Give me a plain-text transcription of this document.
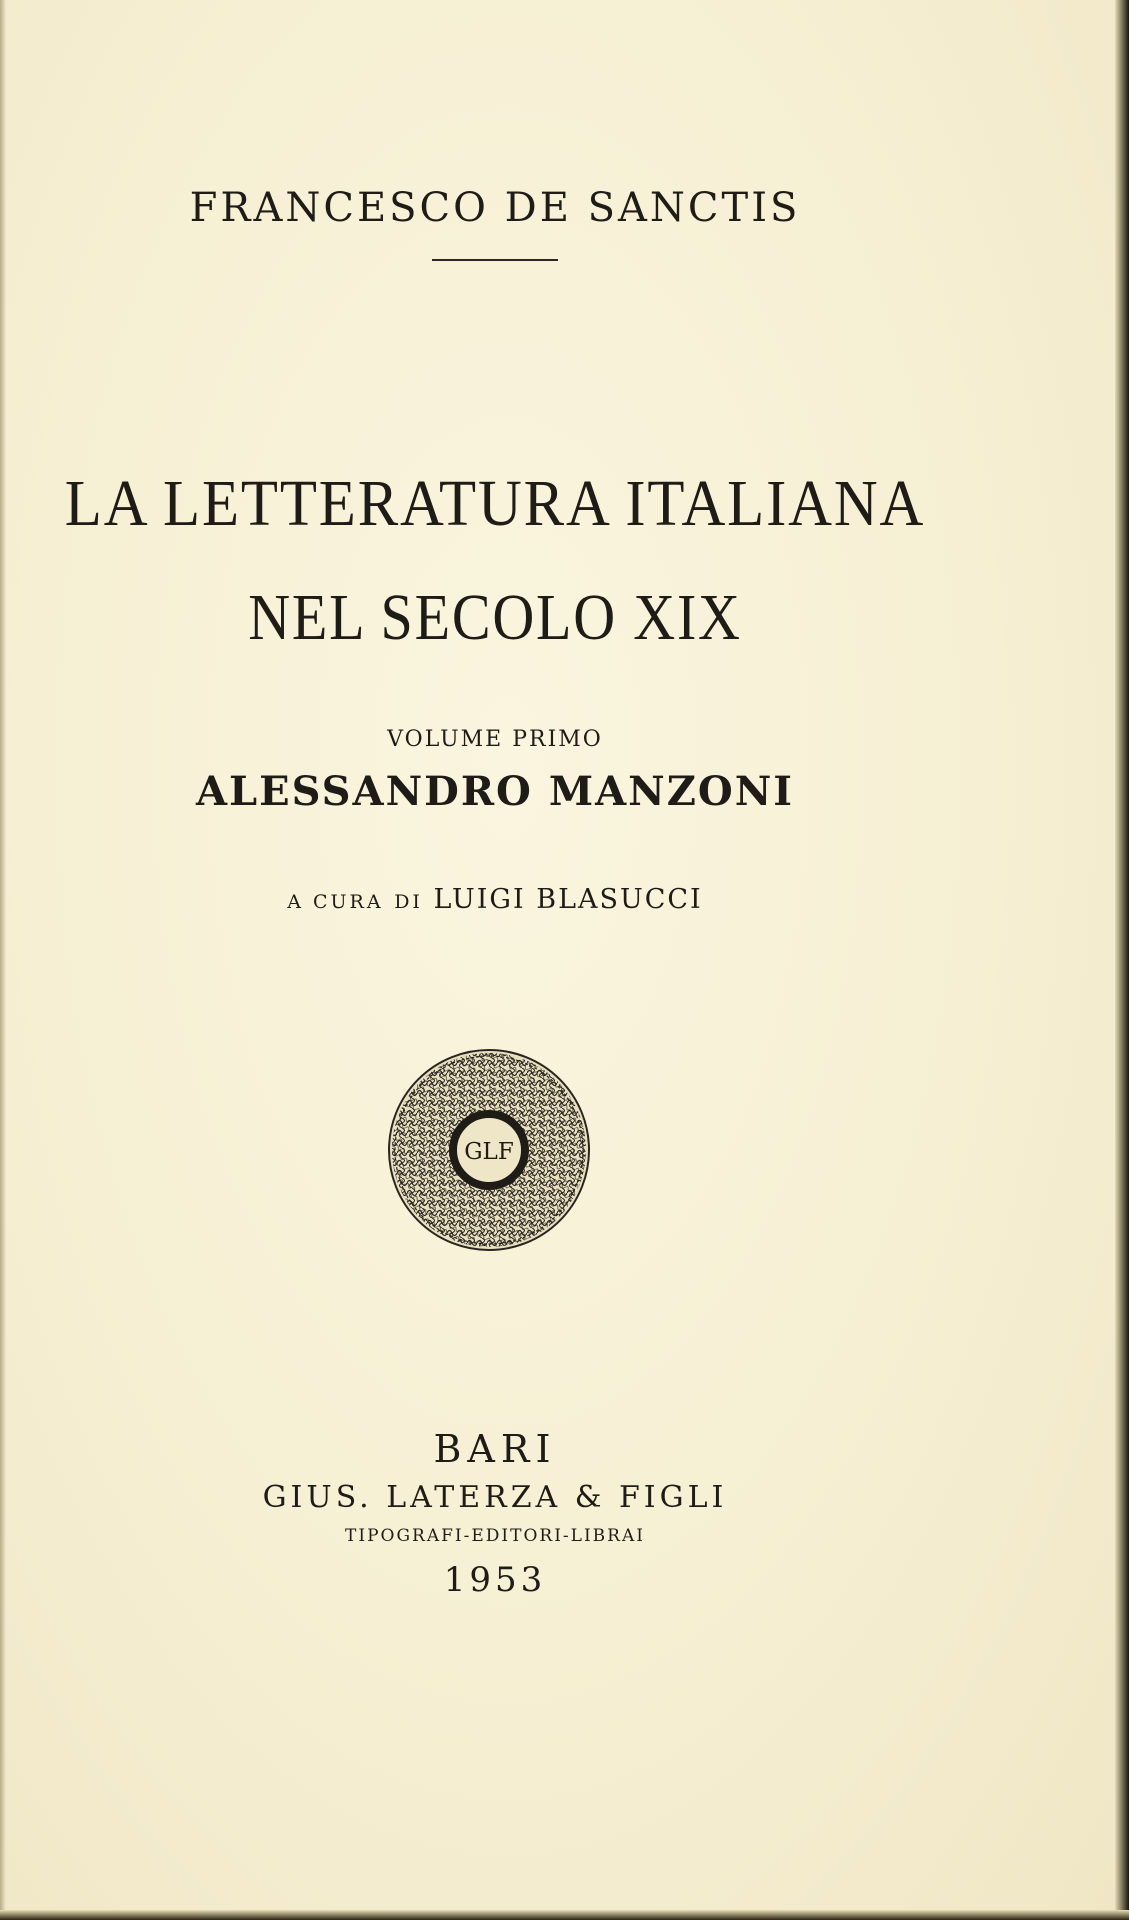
FRANCESCO DE SANCTIS
LA LETTERATURA ITALIANA
NEL SECOLO XIX
VOLUME PRIMO
ALESSANDRO MANZONI
A CURA DI LUIGI BLASUCCI
GLF
BARI
GIUS. LATERZA & FIGLI
TIPOGRAFI-EDITORI-LIBRAI
1953
